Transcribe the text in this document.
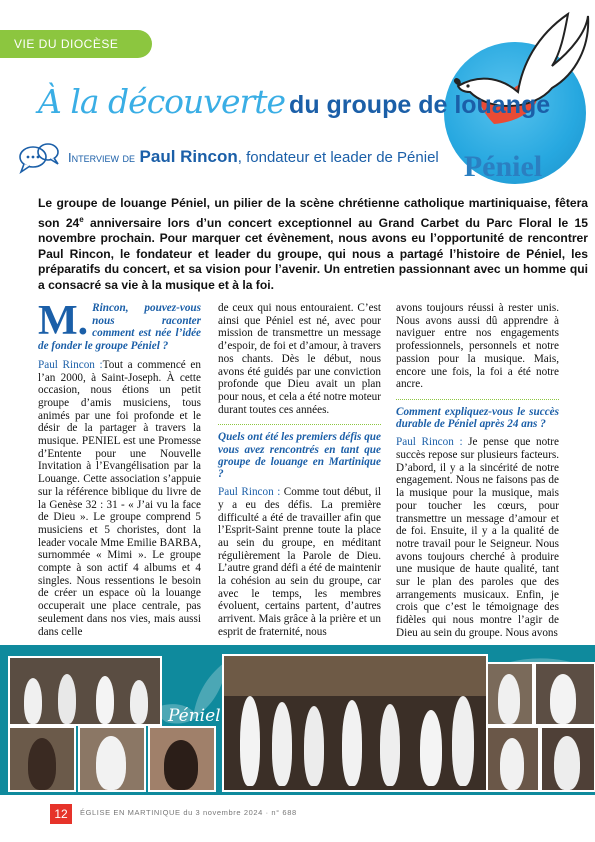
VIE DU DIOCÈSE
Péniel
À la découverte du groupe de louange
Interview de Paul Rincon, fondateur et leader de Péniel
Le groupe de louange Péniel, un pilier de la scène chrétienne catholique martiniquaise, fêtera son 24e anniversaire lors d’un concert exceptionnel au Grand Carbet du Parc Floral le 15 novembre prochain. Pour marquer cet évènement, nous avons eu l’opportunité de rencontrer Paul Rincon, le fondateur et leader du groupe, qui nous a partagé l’histoire de Péniel, les préparatifs du concert, et sa vision pour l’avenir. Un entretien passionnant avec un homme qui a consacré sa vie à la musique et à la foi.

M. Rincon, pouvez-vous nous raconter comment est née l’idée de fonder le groupe Péniel ?

Paul Rincon :Tout a commencé en l’an 2000, à Saint-Joseph. À cette occasion, nous étions un petit groupe d’amis musiciens, tous animés par une foi profonde et le désir de la partager à travers la musique. PENIEL est une Promesse d’Entente pour une Nouvelle Invitation à l’Evangélisation par la Louange. Cette association s’appuie sur la référence biblique du livre de la Genèse 32 : 31 - « J’ai vu la face de Dieu ». Le groupe comprend 5 musiciens et 5 choristes, dont la leader vocale Mme Emilie BARBA, surnommée « Mimi ». Le groupe compte à son actif 4 albums et 4 singles. Nous ressentions le besoin de créer un espace où la louange occuperait une place centrale, pas seulement dans nos vies, mais aussi dans celle

de ceux qui nous entouraient. C’est ainsi que Péniel est né, avec pour mission de transmettre un message d’espoir, de foi et d’amour, à travers nos chants. Dès le début, nous avons été guidés par une conviction profonde que Dieu avait un plan pour nous, et cela a été notre moteur durant toutes ces années.

Quels ont été les premiers défis que vous avez rencontrés en tant que groupe de louange en Martinique ?

Paul Rincon : Comme tout début, il y a eu des défis. La première difficulté a été de travailler afin que l’Esprit-Saint prenne toute la place au sein du groupe, en méditant régulièrement la Parole de Dieu. L’autre grand défi a été de maintenir la cohésion au sein du groupe, car avec le temps, les membres évoluent, certains partent, d’autres arrivent. Mais grâce à la prière et un esprit de fraternité, nous

avons toujours réussi à rester unis. Nous avons aussi dû apprendre à naviguer entre nos engagements professionnels, personnels et notre passion pour la musique. Mais, encore une fois, la foi a été notre ancre.

Comment expliquez-vous le succès durable de Péniel après 24 ans ?

Paul Rincon : Je pense que notre succès repose sur plusieurs facteurs. D’abord, il y a la sincérité de notre engagement. Nous ne faisons pas de la musique pour la musique, mais pour toucher les cœurs, pour transmettre un message d’amour et de foi. Ensuite, il y a la qualité de notre travail pour le Seigneur. Nous avons toujours cherché à produire une musique de haute qualité, tant sur le plan des paroles que des arrangements musicaux. Enfin, je crois que c’est le témoignage des fidèles qui nous montre l’agir de Dieu au sein du groupe. Nous avons

Péniel
12	ÉGLISE EN MARTINIQUE du 3 novembre 2024 · n° 688
